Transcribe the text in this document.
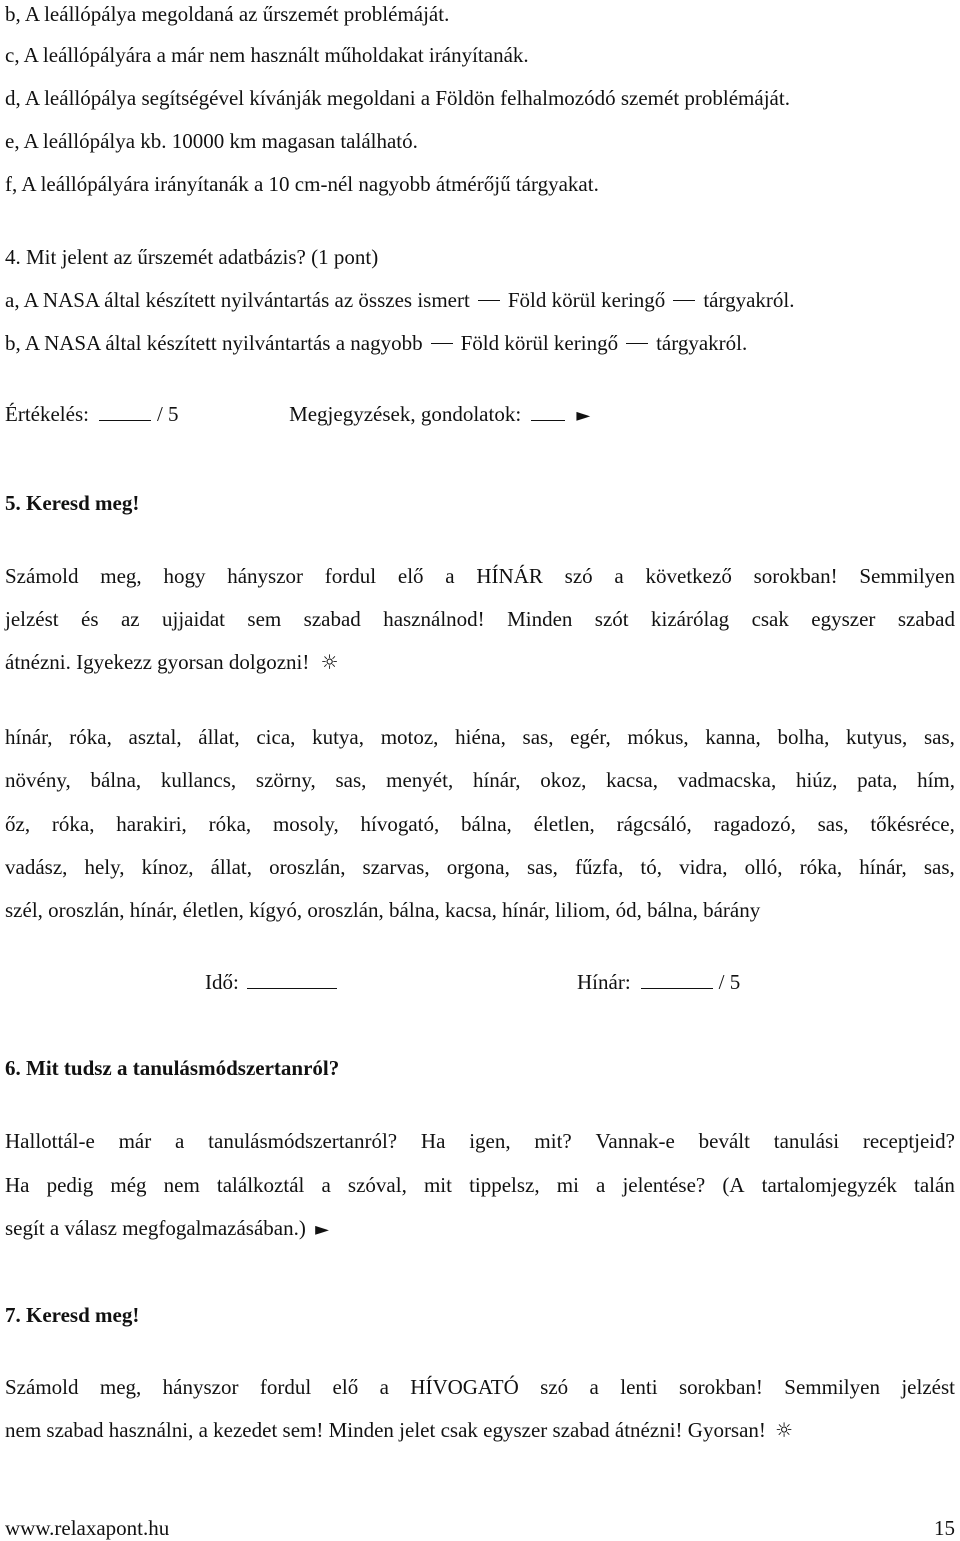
b, A leállópálya megoldaná az űrszemét problémáját.
c, A leállópályára a már nem használt műholdakat irányítanák.
d, A leállópálya segítségével kívánják megoldani a Földön felhalmozódó szemét problémáját.
e, A leállópálya kb. 10000 km magasan található.
f, A leállópályára irányítanák a 10 cm-nél nagyobb átmérőjű tárgyakat.
4. Mit jelent az űrszemét adatbázis? (1 pont)
a, A NASA által készített nyilvántartás az összes ismert Föld körül keringő tárgyakról.
b, A NASA által készített nyilvántartás a nagyobb Föld körül keringő tárgyakról.
Értékelés:	/ 5	Megjegyzések, gondolatok:	►
5. Keresd meg!
Számold meg, hogy hányszor fordul elő a HÍNÁR szó a következő sorokban! Semmilyen
jelzést és az ujjaidat sem szabad használnod! Minden szót kizárólag csak egyszer szabad
átnézni. Igyekezz gyorsan dolgozni! ☼
hínár, róka, asztal, állat, cica, kutya, motoz, hiéna, sas, egér, mókus, kanna, bolha, kutyus, sas,
növény, bálna, kullancs, szörny, sas, menyét, hínár, okoz, kacsa, vadmacska, hiúz, pata, hím,
őz, róka, harakiri, róka, mosoly, hívogató, bálna, életlen, rágcsáló, ragadozó, sas, tőkésréce,
vadász, hely, kínoz, állat, oroszlán, szarvas, orgona, sas, fűzfa, tó, vidra, olló, róka, hínár, sas,
szél, oroszlán, hínár, életlen, kígyó, oroszlán, bálna, kacsa, hínár, liliom, ód, bálna, bárány
Idő:	Hínár:	/ 5
6. Mit tudsz a tanulásmódszertanról?
Hallottál-e már a tanulásmódszertanról? Ha igen, mit? Vannak-e bevált tanulási receptjeid?
Ha pedig még nem találkoztál a szóval, mit tippelsz, mi a jelentése? (A tartalomjegyzék talán
segít a válasz megfogalmazásában.) ►
7. Keresd meg!
Számold meg, hányszor fordul elő a HÍVOGATÓ szó a lenti sorokban! Semmilyen jelzést
nem szabad használni, a kezedet sem! Minden jelet csak egyszer szabad átnézni! Gyorsan! ☼
www.relaxapont.hu	15
